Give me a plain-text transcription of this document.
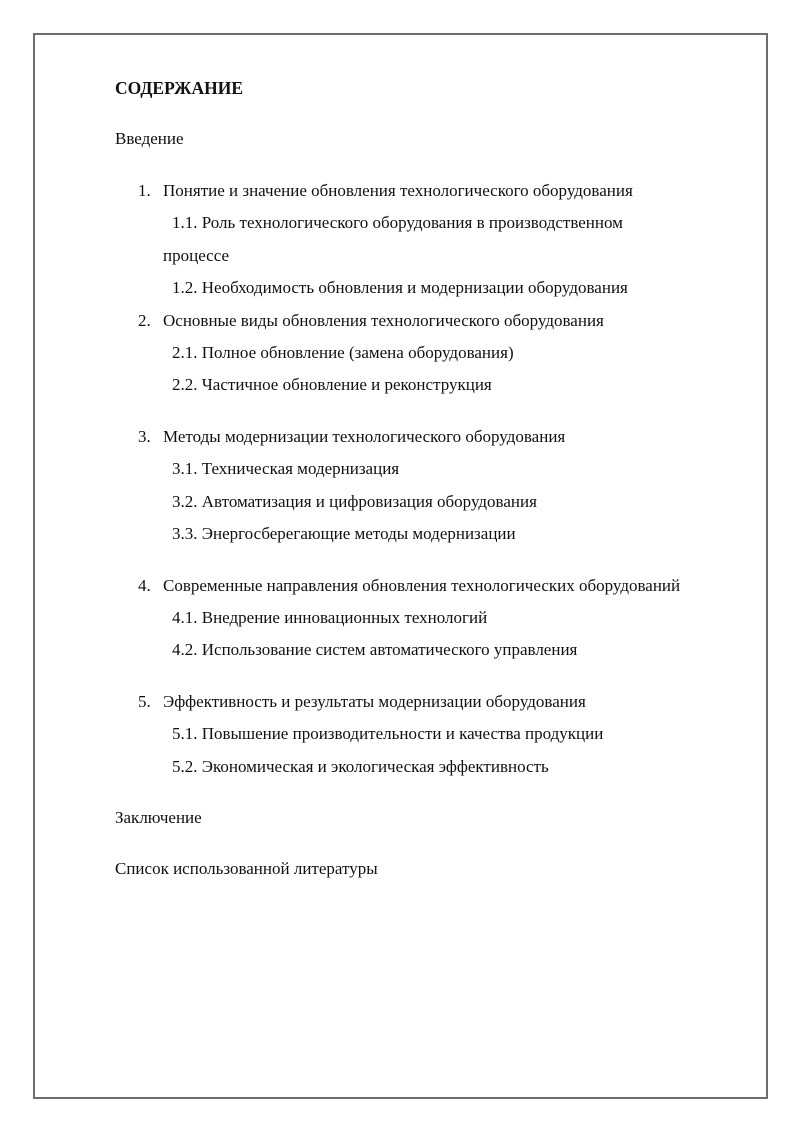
СОДЕРЖАНИЕ
Введение
1. Понятие и значение обновления технологического оборудования
1.1. Роль технологического оборудования в производственном
процессе
1.2. Необходимость обновления и модернизации оборудования
2. Основные виды обновления технологического оборудования
2.1. Полное обновление (замена оборудования)
2.2. Частичное обновление и реконструкция
3. Методы модернизации технологического оборудования
3.1. Техническая модернизация
3.2. Автоматизация и цифровизация оборудования
3.3. Энергосберегающие методы модернизации
4. Современные направления обновления технологических оборудований
4.1. Внедрение инновационных технологий
4.2. Использование систем автоматического управления
5. Эффективность и результаты модернизации оборудования
5.1. Повышение производительности и качества продукции
5.2. Экономическая и экологическая эффективность
Заключение
Список использованной литературы
